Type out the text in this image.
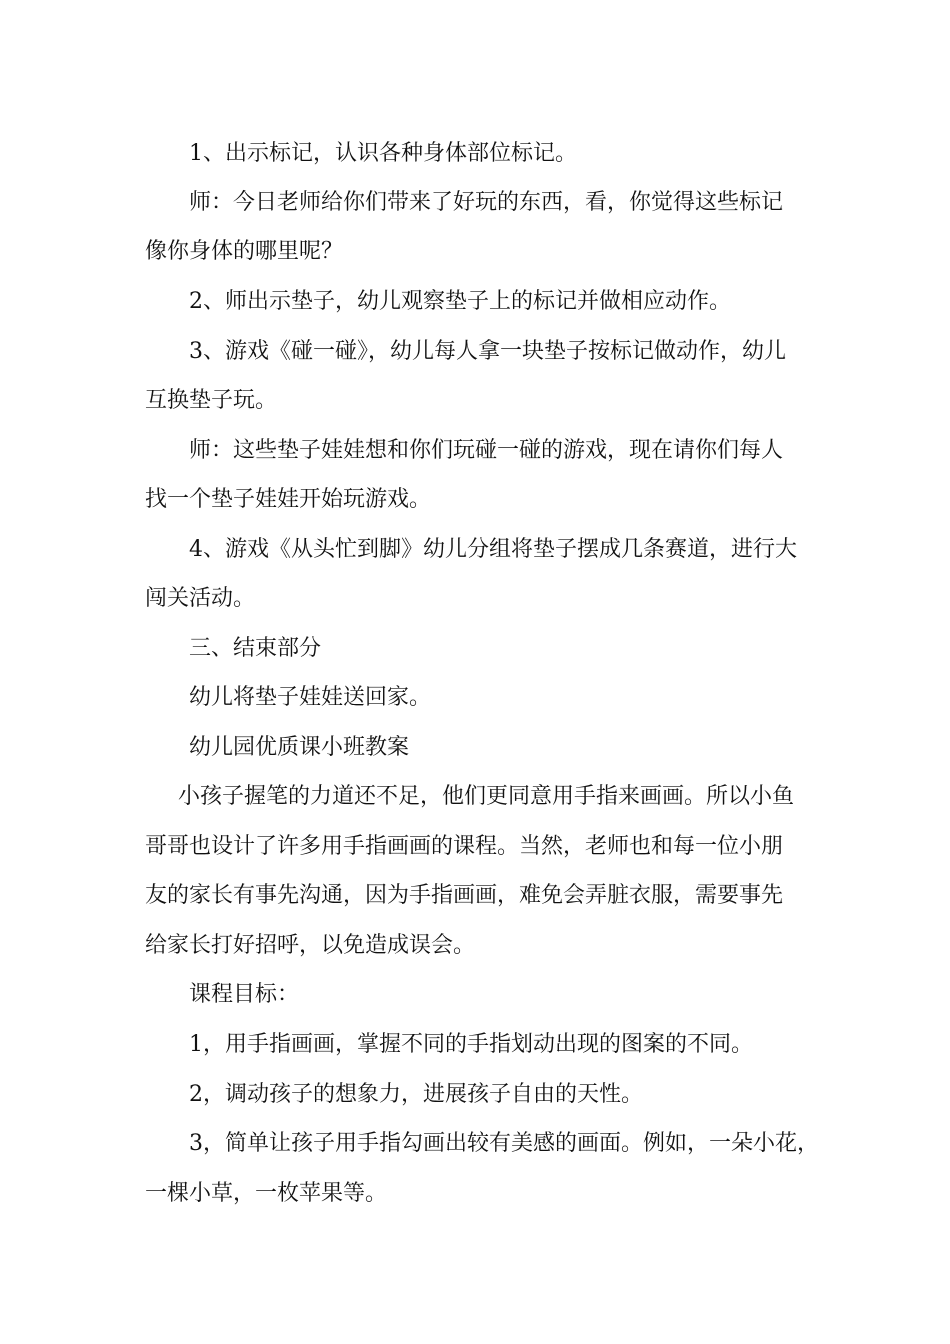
1、出示标记，认识各种身体部位标记。

师：今日老师给你们带来了好玩的东西，看，你觉得这些标记

像你身体的哪里呢？

2、师出示垫子，幼儿观察垫子上的标记并做相应动作。

3、游戏《碰一碰》，幼儿每人拿一块垫子按标记做动作，幼儿

互换垫子玩。

师：这些垫子娃娃想和你们玩碰一碰的游戏，现在请你们每人

找一个垫子娃娃开始玩游戏。

4、游戏《从头忙到脚》幼儿分组将垫子摆成几条赛道，进行大

闯关活动。

三、结束部分

幼儿将垫子娃娃送回家。

幼儿园优质课小班教案

小孩子握笔的力道还不足，他们更同意用手指来画画。所以小鱼

哥哥也设计了许多用手指画画的课程。当然，老师也和每一位小朋

友的家长有事先沟通，因为手指画画，难免会弄脏衣服，需要事先

给家长打好招呼，以免造成误会。

课程目标：

1，用手指画画，掌握不同的手指划动出现的图案的不同。

2，调动孩子的想象力，进展孩子自由的天性。

3，简单让孩子用手指勾画出较有美感的画面。例如，一朵小花，

一棵小草，一枚苹果等。
